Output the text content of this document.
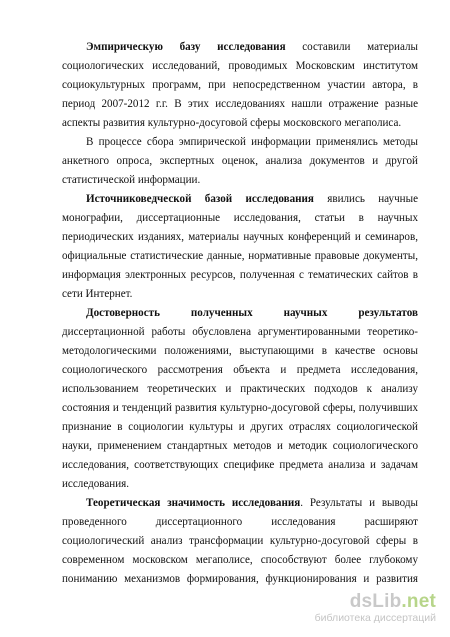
Эмпирическую базу исследования составили материалы социологических исследований, проводимых Московским институтом социокультурных программ, при непосредственном участии автора, в период 2007-2012 г.г. В этих исследованиях нашли отражение разные аспекты развития культурно-досуговой сферы московского мегаполиса.

В процессе сбора эмпирической информации применялись методы анкетного опроса, экспертных оценок, анализа документов и другой статистической информации.

Источниковедческой базой исследования явились научные монографии, диссертационные исследования, статьи в научных периодических изданиях, материалы научных конференций и семинаров, официальные статистические данные, нормативные правовые документы, информация электронных ресурсов, полученная с тематических сайтов в сети Интернет.

Достоверность полученных научных результатов диссертационной работы обусловлена аргументированными теоретико-методологическими положениями, выступающими в качестве основы социологического рассмотрения объекта и предмета исследования, использованием теоретических и практических подходов к анализу состояния и тенденций развития культурно-досуговой сферы, получивших признание в социологии культуры и других отраслях социологической науки, применением стандартных методов и методик социологического исследования, соответствующих специфике предмета анализа и задачам исследования.

Теоретическая значимость исследования. Результаты и выводы проведенного диссертационного исследования расширяют социологический анализ трансформации культурно-досуговой сферы в современном московском мегаполисе, способствуют более глубокому пониманию механизмов формирования, функционирования и развития

dsLib.net
библиотека диссертаций
